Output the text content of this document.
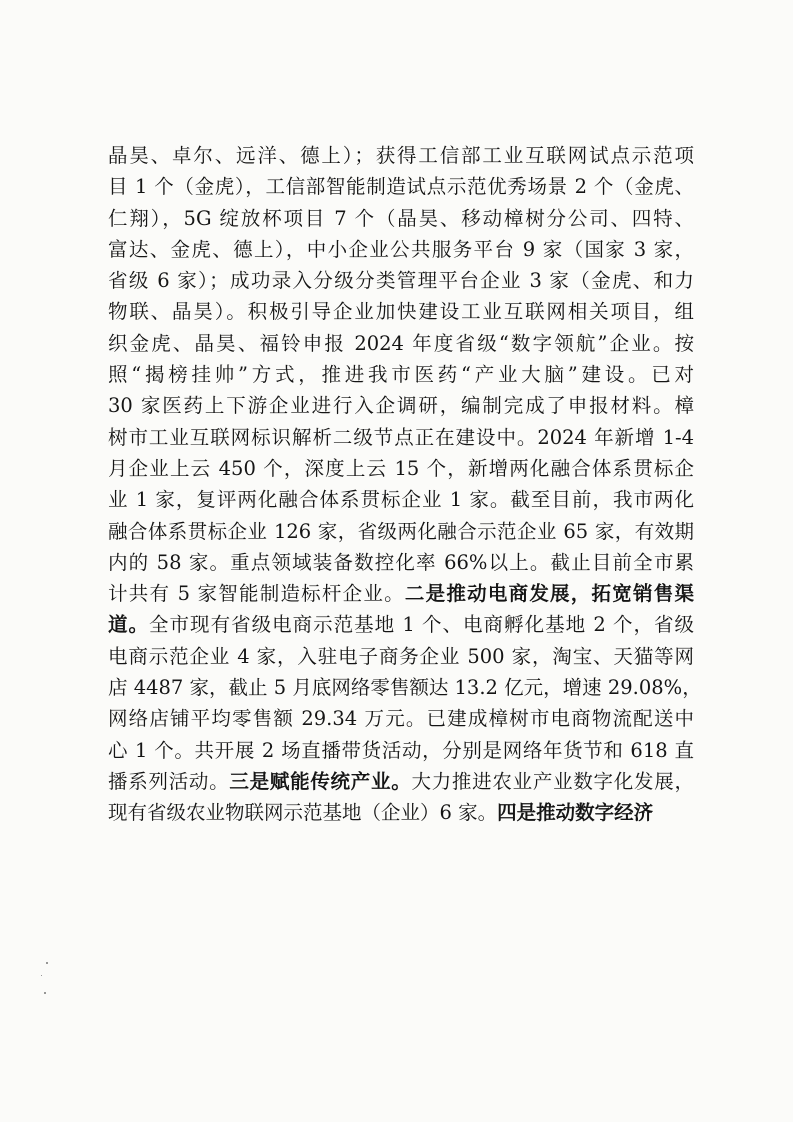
晶昊、卓尔、远洋、德上）；获得工信部工业互联网试点示范项
目 1 个（金虎），工信部智能制造试点示范优秀场景 2 个（金虎、
仁翔），5G 绽放杯项目 7 个（晶昊、移动樟树分公司、四特、
富达、金虎、德上），中小企业公共服务平台 9 家（国家 3 家，
省级 6 家）；成功录入分级分类管理平台企业 3 家（金虎、和力
物联、晶昊）。积极引导企业加快建设工业互联网相关项目，组
织金虎、晶昊、福铃申报 2024 年度省级“数字领航”企业。按
照“揭榜挂帅”方式，推进我市医药“产业大脑”建设。已对
30 家医药上下游企业进行入企调研，编制完成了申报材料。樟
树市工业互联网标识解析二级节点正在建设中。2024 年新增 1-4
月企业上云 450 个，深度上云 15 个，新增两化融合体系贯标企
业 1 家，复评两化融合体系贯标企业 1 家。截至目前，我市两化
融合体系贯标企业 126 家，省级两化融合示范企业 65 家，有效期
内的 58 家。重点领域装备数控化率 66%以上。截止目前全市累
计共有 5 家智能制造标杆企业。二是推动电商发展，拓宽销售渠
道。全市现有省级电商示范基地 1 个、电商孵化基地 2 个，省级
电商示范企业 4 家，入驻电子商务企业 500 家，淘宝、天猫等网
店 4487 家，截止 5 月底网络零售额达 13.2 亿元，增速 29.08%，
网络店铺平均零售额 29.34 万元。已建成樟树市电商物流配送中
心 1 个。共开展 2 场直播带货活动，分别是网络年货节和 618 直
播系列活动。三是赋能传统产业。大力推进农业产业数字化发展，
现有省级农业物联网示范基地（企业）6 家。四是推动数字经济
